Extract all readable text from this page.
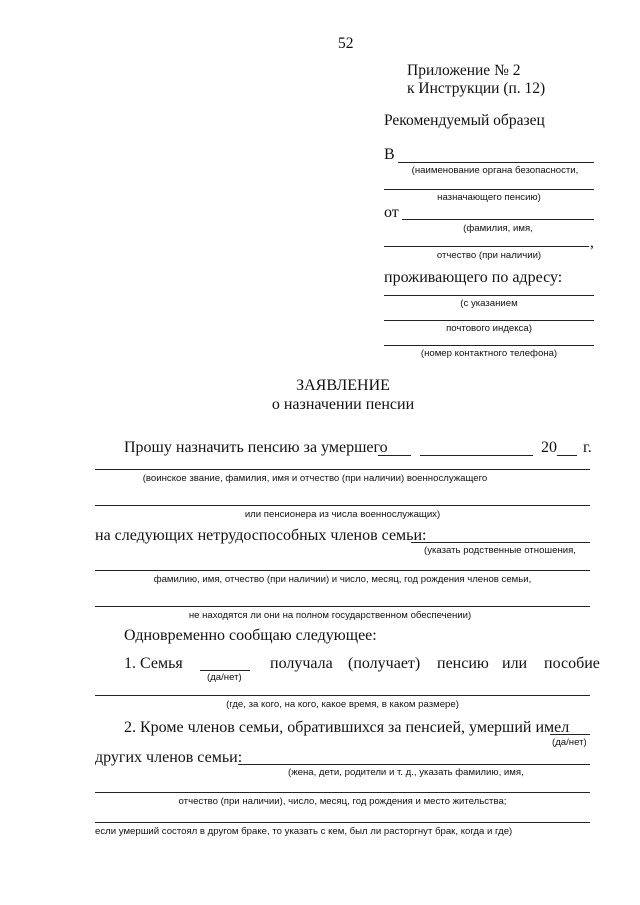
52
Приложение № 2
к Инструкции (п. 12)
Рекомендуемый образец
В
(наименование органа безопасности,
назначающего пенсию)
от
(фамилия, имя,
,
отчество (при наличии)
проживающего по адресу:
(с указанием
почтового индекса)
(номер контактного телефона)
ЗАЯВЛЕНИЕ
о назначении пенсии
Прошу назначить пенсию за умершего	20 г.
(воинское звание, фамилия, имя и отчество (при наличии) военнослужащего
или пенсионера из числа военнослужащих)
на следующих нетрудоспособных членов семьи:
(указать родственные отношения,
фамилию, имя, отчество (при наличии) и число, месяц, год рождения членов семьи,
не находятся ли они на полном государственном обеспечении)
Одновременно сообщаю следующее:
1. Семья
(да/нет)
получала (получает) пенсию или пособие
(где, за кого, на кого, какое время, в каком размере)
2. Кроме членов семьи, обратившихся за пенсией, умерший имел
(да/нет)
других членов семьи:
(жена, дети, родители и т. д., указать фамилию, имя,
отчество (при наличии), число, месяц, год рождения и место жительства;
если умерший состоял в другом браке, то указать с кем, был ли расторгнут брак, когда и где)
